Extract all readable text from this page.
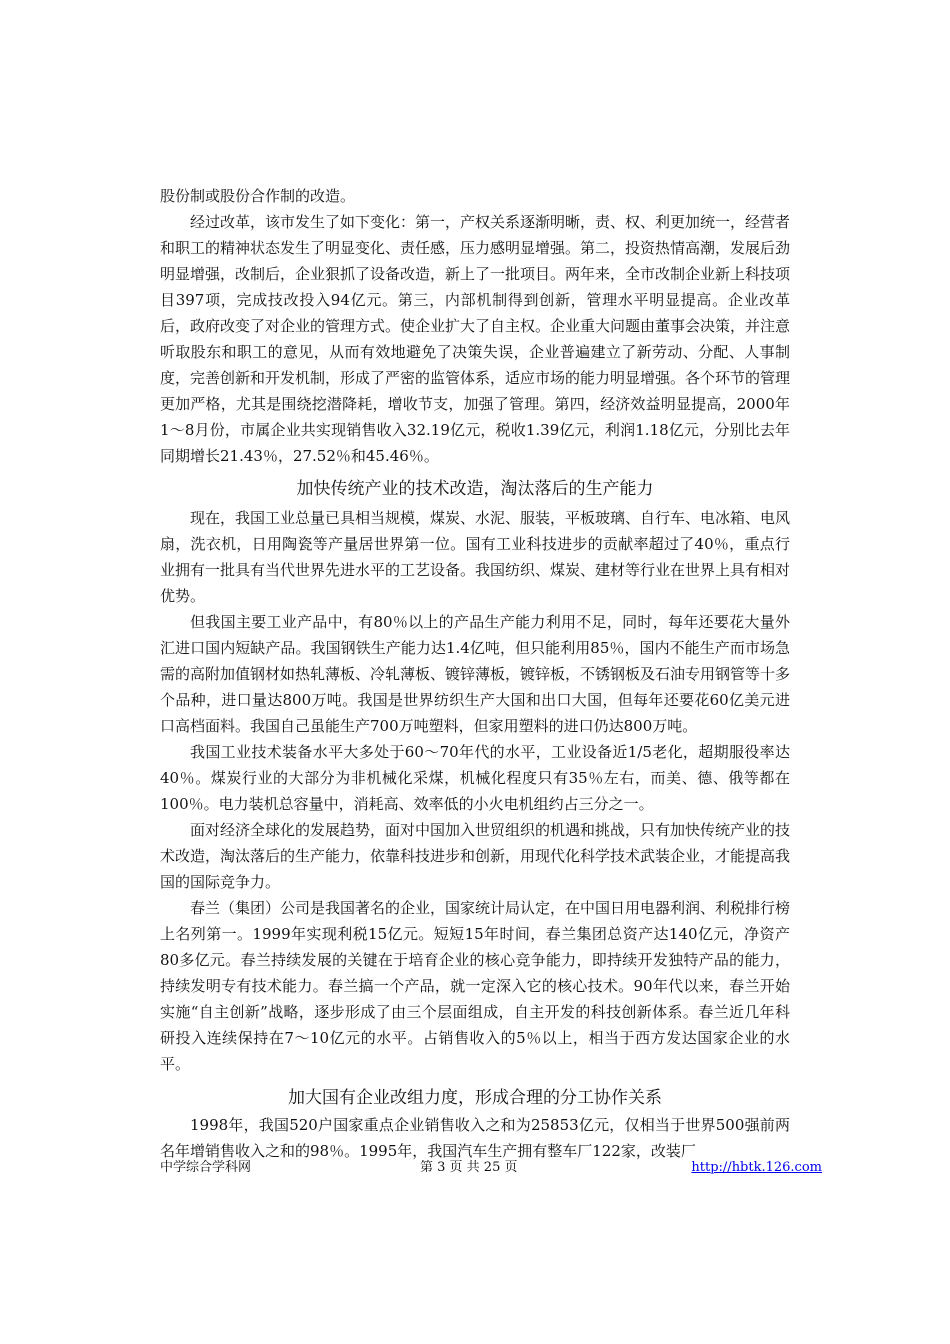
股份制或股份合作制的改造。

经过改革，该市发生了如下变化：第一，产权关系逐渐明晰，责、权、利更加统一，经营者和职工的精神状态发生了明显变化、责任感，压力感明显增强。第二，投资热情高潮，发展后劲明显增强，改制后，企业狠抓了设备改造，新上了一批项目。两年来，全市改制企业新上科技项目397项，完成技改投入94亿元。第三，内部机制得到创新，管理水平明显提高。企业改革后，政府改变了对企业的管理方式。使企业扩大了自主权。企业重大问题由董事会决策，并注意听取股东和职工的意见，从而有效地避免了决策失误，企业普遍建立了新劳动、分配、人事制度，完善创新和开发机制，形成了严密的监管体系，适应市场的能力明显增强。各个环节的管理更加严格，尤其是围绕挖潜降耗，增收节支，加强了管理。第四，经济效益明显提高，2000年1～8月份，市属企业共实现销售收入32.19亿元，税收1.39亿元，利润1.18亿元，分别比去年同期增长21.43％，27.52％和45.46％。

加快传统产业的技术改造，淘汰落后的生产能力

现在，我国工业总量已具相当规模，煤炭、水泥、服装，平板玻璃、自行车、电冰箱、电风扇，洗衣机，日用陶瓷等产量居世界第一位。国有工业科技进步的贡献率超过了40％，重点行业拥有一批具有当代世界先进水平的工艺设备。我国纺织、煤炭、建材等行业在世界上具有相对优势。

但我国主要工业产品中，有80％以上的产品生产能力利用不足，同时，每年还要花大量外汇进口国内短缺产品。我国钢铁生产能力达1.4亿吨，但只能利用85％，国内不能生产而市场急需的高附加值钢材如热轧薄板、冷轧薄板、镀锌薄板，镀锌板，不锈钢板及石油专用钢管等十多个品种，进口量达800万吨。我国是世界纺织生产大国和出口大国，但每年还要花60亿美元进口高档面料。我国自己虽能生产700万吨塑料，但家用塑料的进口仍达800万吨。

我国工业技术装备水平大多处于60～70年代的水平，工业设备近1/5老化，超期服役率达40％。煤炭行业的大部分为非机械化采煤，机械化程度只有35％左右，而美、德、俄等都在100％。电力装机总容量中，消耗高、效率低的小火电机组约占三分之一。

面对经济全球化的发展趋势，面对中国加入世贸组织的机遇和挑战，只有加快传统产业的技术改造，淘汰落后的生产能力，依靠科技进步和创新，用现代化科学技术武装企业，才能提高我国的国际竞争力。

春兰（集团）公司是我国著名的企业，国家统计局认定，在中国日用电器利润、利税排行榜上名列第一。1999年实现利税15亿元。短短15年时间，春兰集团总资产达140亿元，净资产80多亿元。春兰持续发展的关键在于培育企业的核心竞争能力，即持续开发独特产品的能力，持续发明专有技术能力。春兰搞一个产品，就一定深入它的核心技术。90年代以来，春兰开始实施“自主创新”战略，逐步形成了由三个层面组成，自主开发的科技创新体系。春兰近几年科研投入连续保持在7～10亿元的水平。占销售收入的5％以上，相当于西方发达国家企业的水平。

加大国有企业改组力度，形成合理的分工协作关系

1998年，我国520户国家重点企业销售收入之和为25853亿元，仅相当于世界500强前两名年增销售收入之和的98％。1995年，我国汽车生产拥有整车厂122家，改装厂

中学综合学科网	第 3 页 共 25 页	http://hbtk.126.com
